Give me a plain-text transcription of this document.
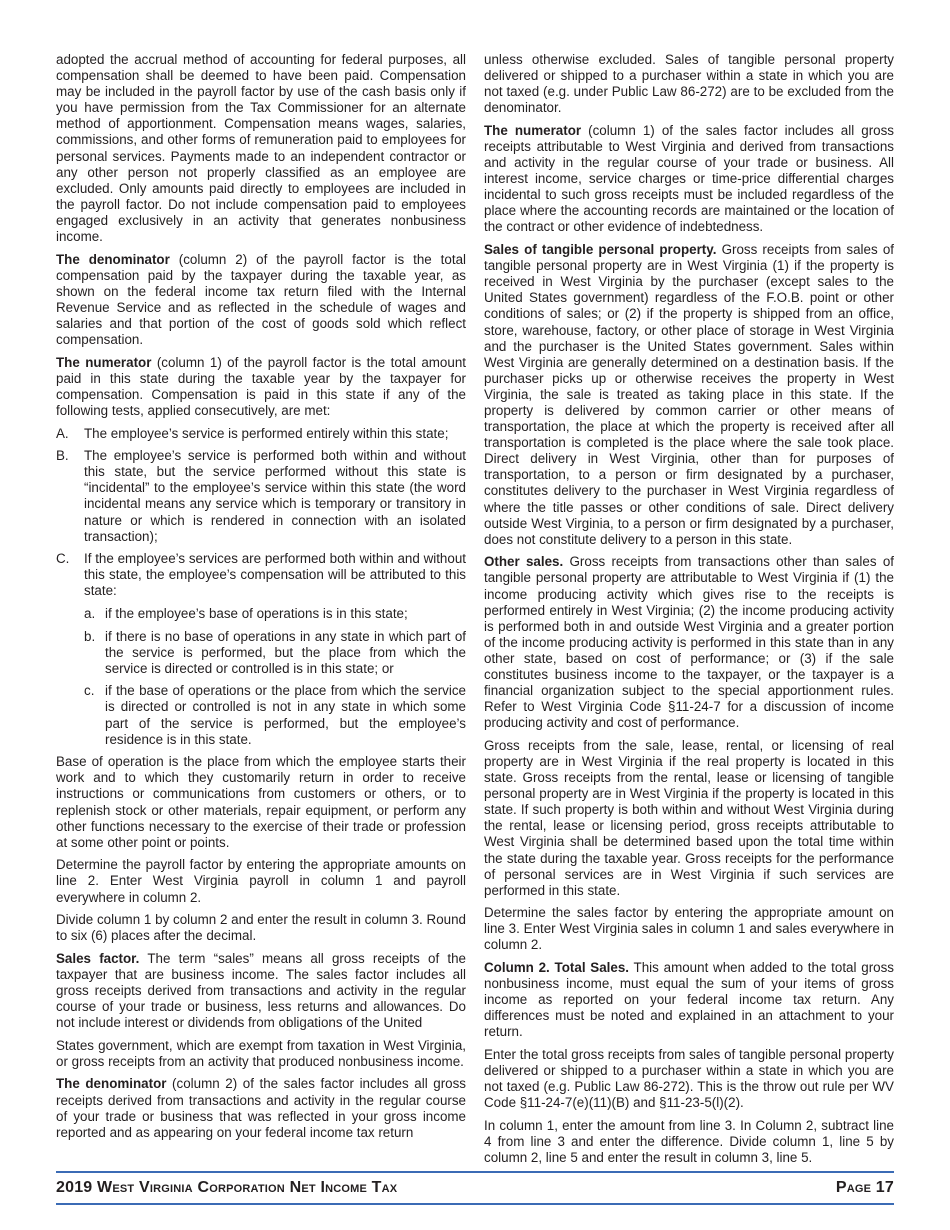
adopted the accrual method of accounting for federal purposes, all compensation shall be deemed to have been paid. Compensation may be included in the payroll factor by use of the cash basis only if you have permission from the Tax Commissioner for an alternate method of apportionment. Compensation means wages, salaries, commissions, and other forms of remuneration paid to employees for personal services. Payments made to an independent contractor or any other person not properly classified as an employee are excluded. Only amounts paid directly to employees are included in the payroll factor. Do not include compensation paid to employees engaged exclusively in an activity that generates nonbusiness income.

The denominator (column 2) of the payroll factor is the total compensation paid by the taxpayer during the taxable year, as shown on the federal income tax return filed with the Internal Revenue Service and as reflected in the schedule of wages and salaries and that portion of the cost of goods sold which reflect compensation.

The numerator (column 1) of the payroll factor is the total amount paid in this state during the taxable year by the taxpayer for compensation. Compensation is paid in this state if any of the following tests, applied consecutively, are met:

A.	The employee’s service is performed entirely within this state;
B.	The employee’s service is performed both within and without this state, but the service performed without this state is “incidental” to the employee’s service within this state (the word incidental means any service which is temporary or transitory in nature or which is rendered in connection with an isolated transaction);
C.	If the employee’s services are performed both within and without this state, the employee’s compensation will be attributed to this state:
a. if the employee’s base of operations is in this state;
b. if there is no base of operations in any state in which part of the service is performed, but the place from which the service is directed or controlled is in this state; or
c. if the base of operations or the place from which the service is directed or controlled is not in any state in which some part of the service is performed, but the employee’s residence is in this state.

Base of operation is the place from which the employee starts their work and to which they customarily return in order to receive instructions or communications from customers or others, or to replenish stock or other materials, repair equipment, or perform any other functions necessary to the exercise of their trade or profession at some other point or points.

Determine the payroll factor by entering the appropriate amounts on line 2. Enter West Virginia payroll in column 1 and payroll everywhere in column 2.

Divide column 1 by column 2 and enter the result in column 3. Round to six (6) places after the decimal.

Sales factor. The term “sales” means all gross receipts of the taxpayer that are business income. The sales factor includes all gross receipts derived from transactions and activity in the regular course of your trade or business, less returns and allowances. Do not include interest or dividends from obligations of the United

States government, which are exempt from taxation in West Virginia, or gross receipts from an activity that produced nonbusiness income.

The denominator (column 2) of the sales factor includes all gross receipts derived from transactions and activity in the regular course of your trade or business that was reflected in your gross income reported and as appearing on your federal income tax return

unless otherwise excluded. Sales of tangible personal property delivered or shipped to a purchaser within a state in which you are not taxed (e.g. under Public Law 86-272) are to be excluded from the denominator.

The numerator (column 1) of the sales factor includes all gross receipts attributable to West Virginia and derived from transactions and activity in the regular course of your trade or business. All interest income, service charges or time-price differential charges incidental to such gross receipts must be included regardless of the place where the accounting records are maintained or the location of the contract or other evidence of indebtedness.

Sales of tangible personal property. Gross receipts from sales of tangible personal property are in West Virginia (1) if the property is received in West Virginia by the purchaser (except sales to the United States government) regardless of the F.O.B. point or other conditions of sales; or (2) if the property is shipped from an office, store, warehouse, factory, or other place of storage in West Virginia and the purchaser is the United States government. Sales within West Virginia are generally determined on a destination basis. If the purchaser picks up or otherwise receives the property in West Virginia, the sale is treated as taking place in this state. If the property is delivered by common carrier or other means of transportation, the place at which the property is received after all transportation is completed is the place where the sale took place. Direct delivery in West Virginia, other than for purposes of transportation, to a person or firm designated by a purchaser, constitutes delivery to the purchaser in West Virginia regardless of where the title passes or other conditions of sale. Direct delivery outside West Virginia, to a person or firm designated by a purchaser, does not constitute delivery to a person in this state.

Other sales. Gross receipts from transactions other than sales of tangible personal property are attributable to West Virginia if (1) the income producing activity which gives rise to the receipts is performed entirely in West Virginia; (2) the income producing activity is performed both in and outside West Virginia and a greater portion of the income producing activity is performed in this state than in any other state, based on cost of performance; or (3) if the sale constitutes business income to the taxpayer, or the taxpayer is a financial organization subject to the special apportionment rules. Refer to West Virginia Code §11-24-7 for a discussion of income producing activity and cost of performance.

Gross receipts from the sale, lease, rental, or licensing of real property are in West Virginia if the real property is located in this state. Gross receipts from the rental, lease or licensing of tangible personal property are in West Virginia if the property is located in this state. If such property is both within and without West Virginia during the rental, lease or licensing period, gross receipts attributable to West Virginia shall be determined based upon the total time within the state during the taxable year. Gross receipts for the performance of personal services are in West Virginia if such services are performed in this state.

Determine the sales factor by entering the appropriate amount on line 3. Enter West Virginia sales in column 1 and sales everywhere in column 2.

Column 2. Total Sales. This amount when added to the total gross nonbusiness income, must equal the sum of your items of gross income as reported on your federal income tax return. Any differences must be noted and explained in an attachment to your return.

Enter the total gross receipts from sales of tangible personal property delivered or shipped to a purchaser within a state in which you are not taxed (e.g. Public Law 86-272). This is the throw out rule per WV Code §11-24-7(e)(11)(B) and §11-23-5(l)(2).

In column 1, enter the amount from line 3. In Column 2, subtract line 4 from line 3 and enter the difference. Divide column 1, line 5 by column 2, line 5 and enter the result in column 3, line 5.

2019 West Virginia Corporation Net Income Tax	Page 17
